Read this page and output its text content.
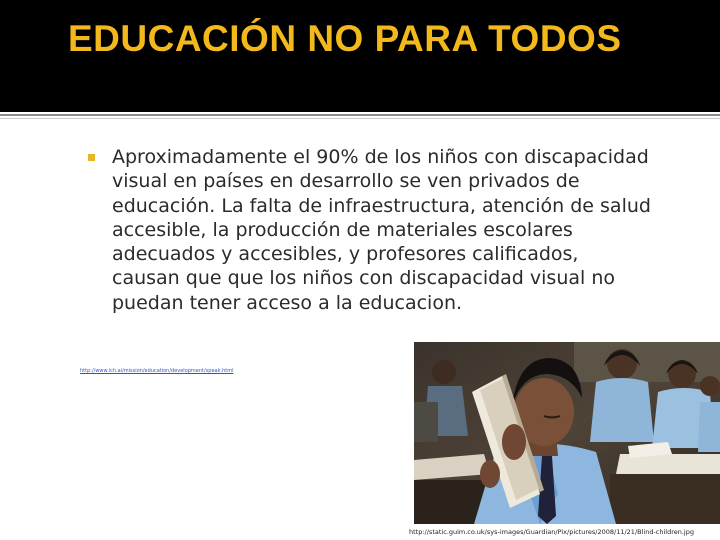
EDUCACIÓN NO PARA TODOS

Aproximadamente el 90% de los niños con discapacidad visual en países en desarrollo se ven privados de educación. La falta de infraestructura, atención de salud accesible, la producción de materiales escolares adecuados y accesibles, y profesores calificados, causan que que los niños con discapacidad visual no puedan tener acceso a la educacion.

http://www.ich.ai/mission/education/development/speak.html
http://static.guim.co.uk/sys-images/Guardian/Pix/pictures/2008/11/21/Blind-children.jpg
